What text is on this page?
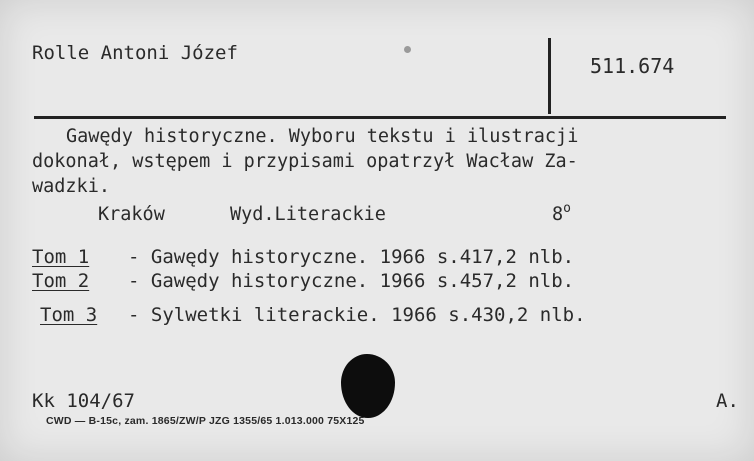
Rolle Antoni Józef
511.674
Gawędy historyczne. Wyboru tekstu i ilustracji
dokonał, wstępem i przypisami opatrzył Wacław Za-
wadzki.
Kraków	Wyd.Literackie	8$^o$
Tom 1 - Gawędy historyczne. 1966 s.417,2 nlb.
Tom 2 - Gawędy historyczne. 1966 s.457,2 nlb.
Tom 3 - Sylwetki literackie. 1966 s.430,2 nlb.
Kk 104/67	A.
CWD — B-15c, zam. 1865/ZW/P JZG 1355/65 1.013.000 75X125
